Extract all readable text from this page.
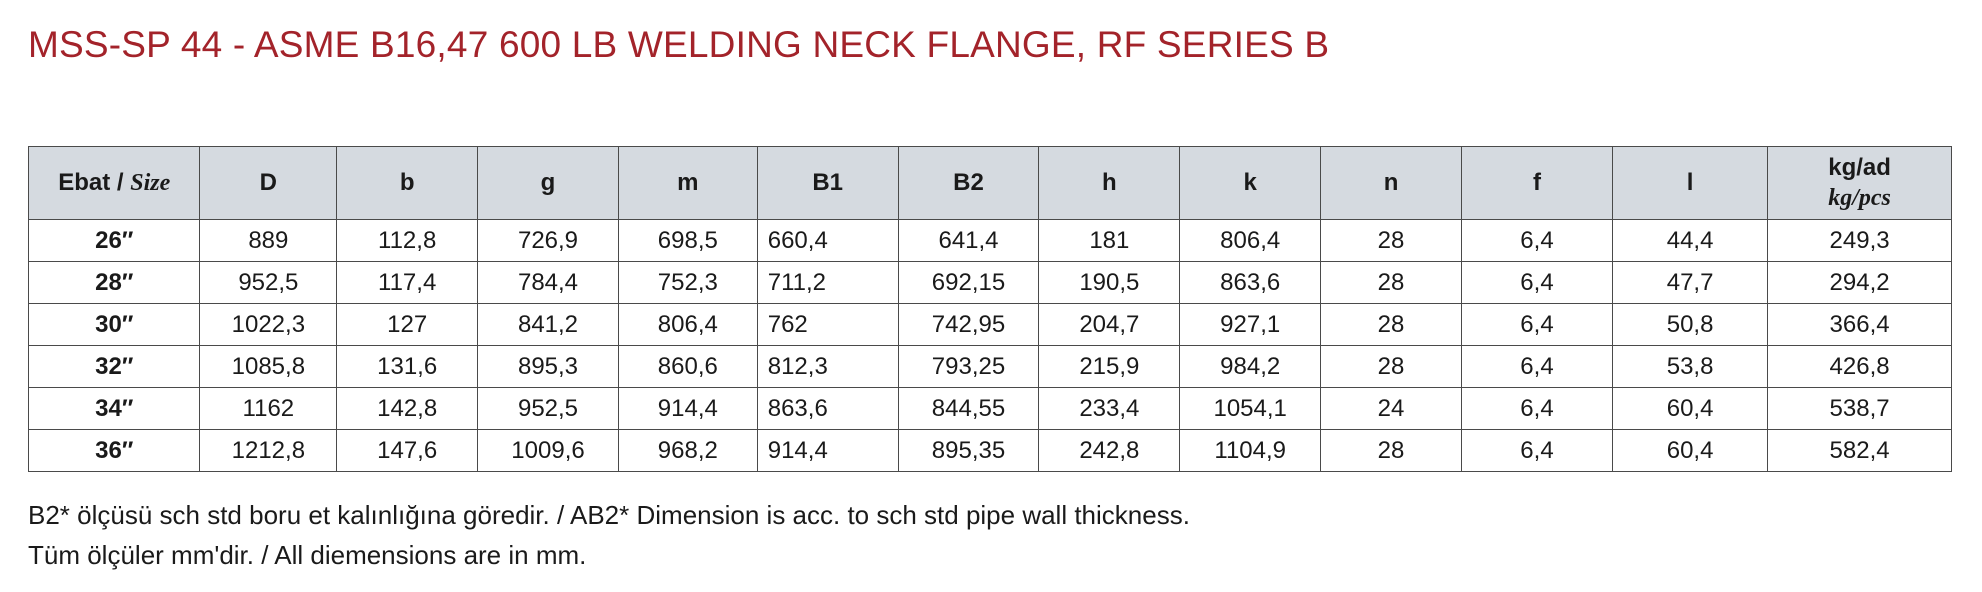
MSS-SP 44 - ASME B16,47 600 LB WELDING NECK FLANGE, RF SERIES B
Ebat / Size	D	b	g	m	B1	B2	h	k	n	f	l	kg/ad
kg/pcs

26″	889	112,8	726,9	698,5	660,4	641,4	181	806,4	28	6,4	44,4	249,3
28″	952,5	117,4	784,4	752,3	711,2	692,15	190,5	863,6	28	6,4	47,7	294,2
30″	1022,3	127	841,2	806,4	762	742,95	204,7	927,1	28	6,4	50,8	366,4
32″	1085,8	131,6	895,3	860,6	812,3	793,25	215,9	984,2	28	6,4	53,8	426,8
34″	1162	142,8	952,5	914,4	863,6	844,55	233,4	1054,1	24	6,4	60,4	538,7
36″	1212,8	147,6	1009,6	968,2	914,4	895,35	242,8	1104,9	28	6,4	60,4	582,4
B2* ölçüsü sch std boru et kalınlığına göredir. / AB2* Dimension is acc. to sch std pipe wall thickness.
Tüm ölçüler mm'dir. / All diemensions are in mm.
